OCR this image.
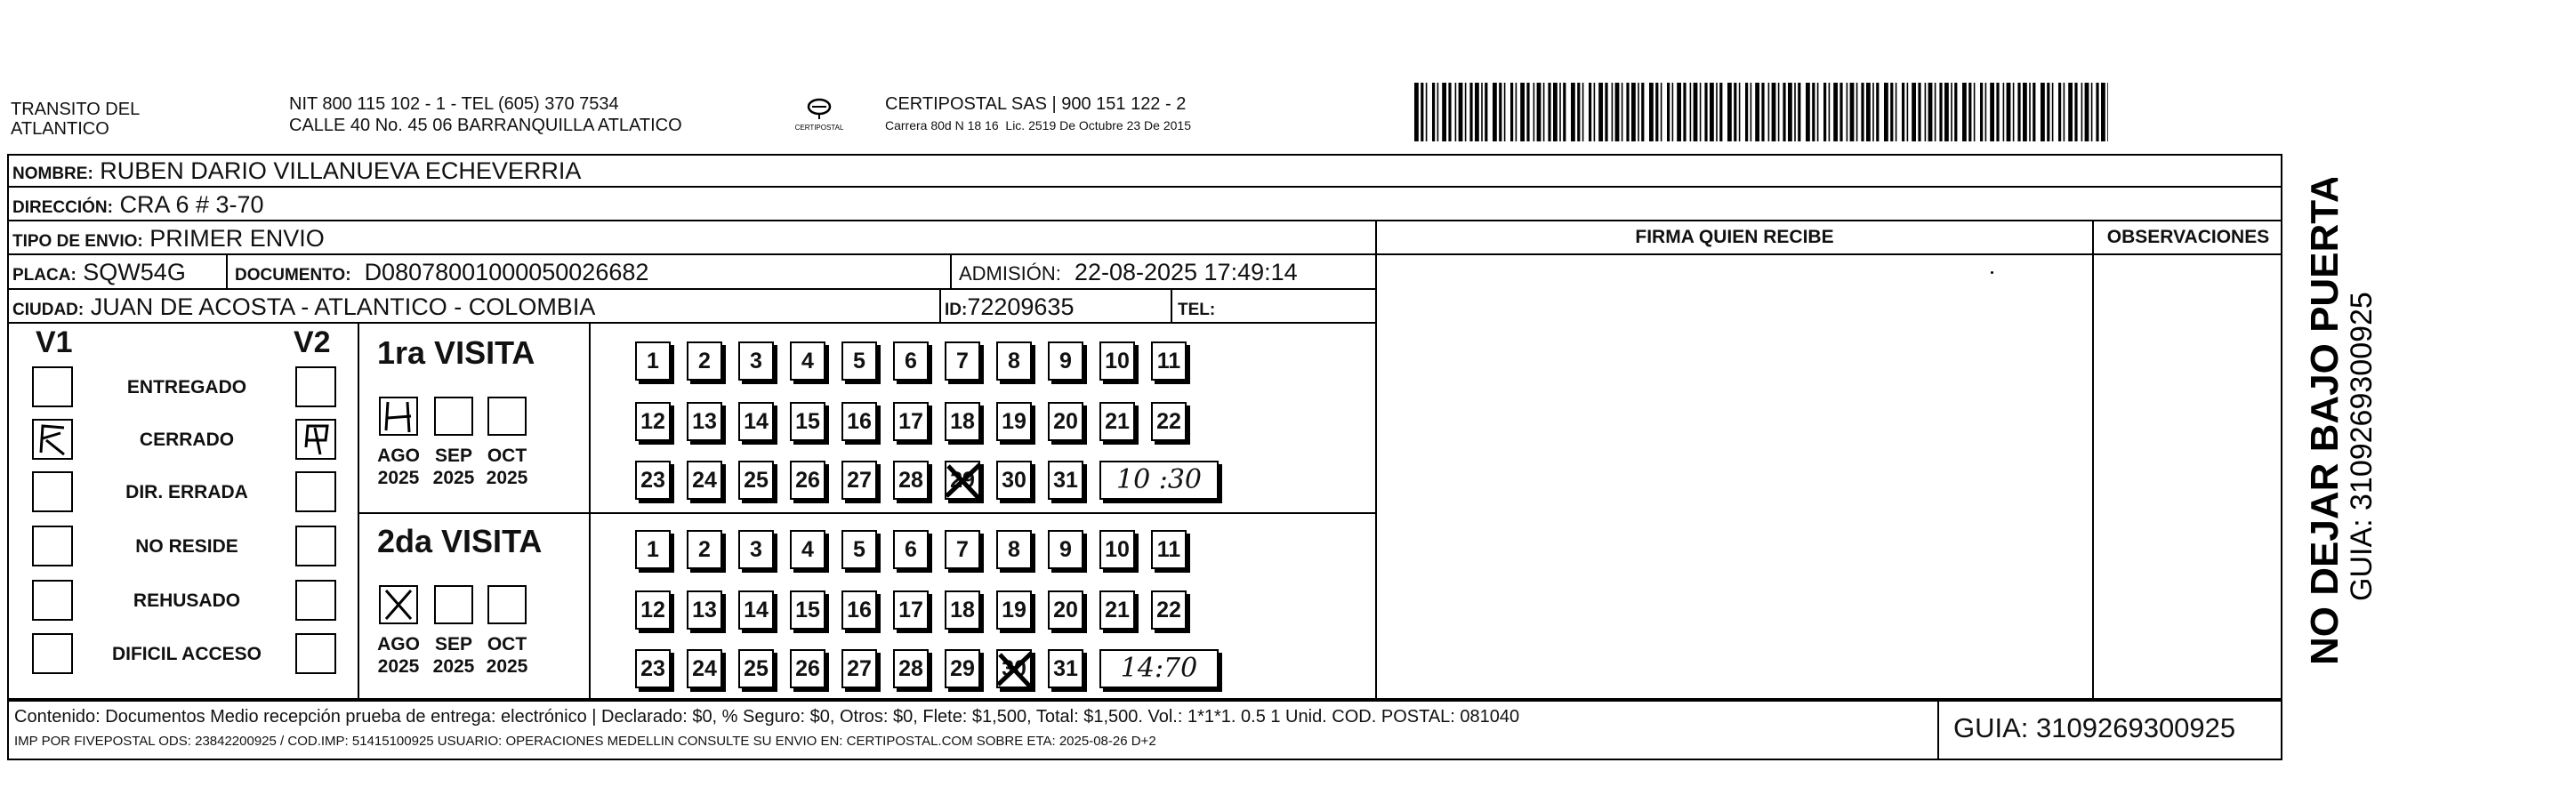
TRANSITO DEL
ATLANTICO
NIT 800 115 102 - 1 - TEL (605) 370 7534
CALLE 40 No. 45 06 BARRANQUILLA ATLATICO	CERTIPOSTAL
CERTIPOSTAL SAS | 900 151 122 - 2
Carrera 80d N 18 16  Lic. 2519 De Octubre 23 De 2015
NOMBRE: RUBEN DARIO VILLANUEVA ECHEVERRIA
DIRECCIÓN: CRA 6 # 3-70
TIPO DE ENVIO: PRIMER ENVIO
PLACA: SQW54G	DOCUMENTO: D08078001000050026682	ADMISIÓN: 22-08-2025 17:49:14
CIUDAD: JUAN DE ACOSTA - ATLANTICO - COLOMBIA	ID:72209635	TEL:
FIRMA QUIEN RECIBE	OBSERVACIONES
V1	V2
ENTREGADO
CERRADO
DIR. ERRADA
NO RESIDE
REHUSADO
DIFICIL ACCESO
1ra VISITA
AGO
2025
SEP
2025
OCT
2025
1	2	3	4	5	6	7	8	9	10 11
12 13 14 15 16 17 18 19 20 21 22
23 24 25 26 27 28 29 30 31	10 :30
2da VISITA
AGO
2025
SEP
2025
OCT
2025
1	2	3	4	5	6	7	8	9	10 11
12 13 14 15 16 17 18 19 20 21 22
23 24 25 26 27 28 29 30 31	14:70
Contenido: Documentos Medio recepción prueba de entrega: electrónico | Declarado: $0, % Seguro: $0, Otros: $0, Flete: $1,500, Total: $1,500. Vol.: 1*1*1. 0.5 1 Unid. COD. POSTAL: 081040
IMP POR FIVEPOSTAL ODS: 23842200925 / COD.IMP: 51415100925 USUARIO: OPERACIONES MEDELLIN CONSULTE SU ENVIO EN: CERTIPOSTAL.COM SOBRE ETA: 2025-08-26 D+2	GUIA: 3109269300925
NO DEJAR BAJO PUERTA
GUIA: 3109269300925
